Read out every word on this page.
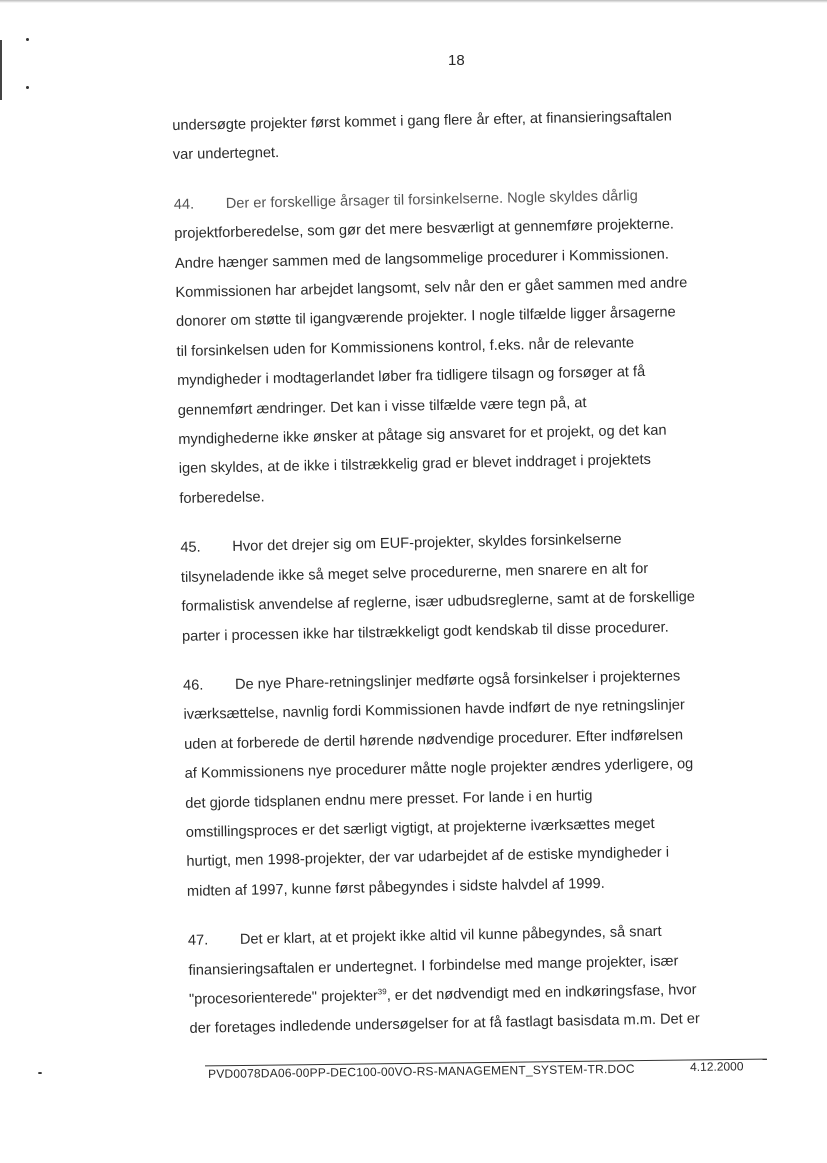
18

undersøgte projekter først kommet i gang flere år efter, at finansieringsaftalen

var undertegnet.

44. Der er forskellige årsager til forsinkelserne. Nogle skyldes dårlig

projektforberedelse, som gør det mere besværligt at gennemføre projekterne.

Andre hænger sammen med de langsommelige procedurer i Kommissionen.

Kommissionen har arbejdet langsomt, selv når den er gået sammen med andre

donorer om støtte til igangværende projekter. I nogle tilfælde ligger årsagerne

til forsinkelsen uden for Kommissionens kontrol, f.eks. når de relevante

myndigheder i modtagerlandet løber fra tidligere tilsagn og forsøger at få

gennemført ændringer. Det kan i visse tilfælde være tegn på, at

myndighederne ikke ønsker at påtage sig ansvaret for et projekt, og det kan

igen skyldes, at de ikke i tilstrækkelig grad er blevet inddraget i projektets

forberedelse.

45. Hvor det drejer sig om EUF-projekter, skyldes forsinkelserne

tilsyneladende ikke så meget selve procedurerne, men snarere en alt for

formalistisk anvendelse af reglerne, især udbudsreglerne, samt at de forskellige

parter i processen ikke har tilstrækkeligt godt kendskab til disse procedurer.

46. De nye Phare-retningslinjer medførte også forsinkelser i projekternes

iværksættelse, navnlig fordi Kommissionen havde indført de nye retningslinjer

uden at forberede de dertil hørende nødvendige procedurer. Efter indførelsen

af Kommissionens nye procedurer måtte nogle projekter ændres yderligere, og

det gjorde tidsplanen endnu mere presset. For lande i en hurtig

omstillingsproces er det særligt vigtigt, at projekterne iværksættes meget

hurtigt, men 1998-projekter, der var udarbejdet af de estiske myndigheder i

midten af 1997, kunne først påbegyndes i sidste halvdel af 1999.

47. Det er klart, at et projekt ikke altid vil kunne påbegyndes, så snart

finansieringsaftalen er undertegnet. I forbindelse med mange projekter, især

"procesorienterede" projekter$^{39}$, er det nødvendigt med en indkøringsfase, hvor

der foretages indledende undersøgelser for at få fastlagt basisdata m.m. Det er

PVD0078DA06-00PP-DEC100-00VO-RS-MANAGEMENT_SYSTEM-TR.DOC	4.12.2000
